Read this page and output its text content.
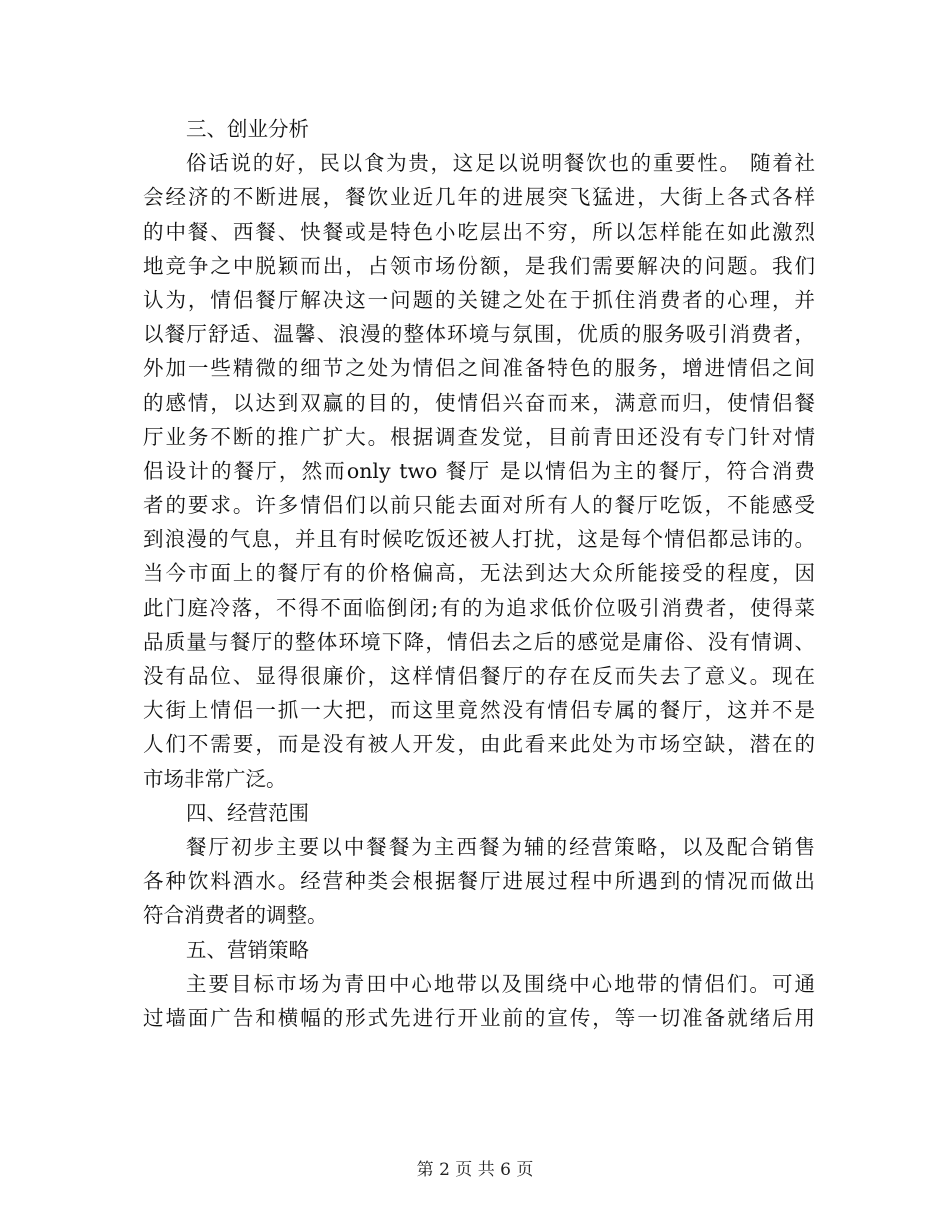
三、创业分析
俗话说的好，民以食为贵，这足以说明餐饮也的重要性。 随着社
会经济的不断进展，餐饮业近几年的进展突飞猛进，大街上各式各样
的中餐、西餐、快餐或是特色小吃层出不穷，所以怎样能在如此激烈
地竞争之中脱颖而出，占领市场份额，是我们需要解决的问题。我们
认为，情侣餐厅解决这一问题的关键之处在于抓住消费者的心理，并
以餐厅舒适、温馨、浪漫的整体环境与氛围，优质的服务吸引消费者，
外加一些精微的细节之处为情侣之间准备特色的服务，增进情侣之间
的感情，以达到双赢的目的，使情侣兴奋而来，满意而归，使情侣餐
厅业务不断的推广扩大。根据调查发觉，目前青田还没有专门针对情
侣设计的餐厅，然而only two 餐厅 是以情侣为主的餐厅，符合消费
者的要求。许多情侣们以前只能去面对所有人的餐厅吃饭，不能感受
到浪漫的气息，并且有时候吃饭还被人打扰，这是每个情侣都忌讳的。
当今市面上的餐厅有的价格偏高，无法到达大众所能接受的程度，因
此门庭冷落，不得不面临倒闭;有的为追求低价位吸引消费者，使得菜
品质量与餐厅的整体环境下降，情侣去之后的感觉是庸俗、没有情调、
没有品位、显得很廉价，这样情侣餐厅的存在反而失去了意义。现在
大街上情侣一抓一大把，而这里竟然没有情侣专属的餐厅，这并不是
人们不需要，而是没有被人开发，由此看来此处为市场空缺，潜在的
市场非常广泛。
四、经营范围
餐厅初步主要以中餐餐为主西餐为辅的经营策略，以及配合销售
各种饮料酒水。经营种类会根据餐厅进展过程中所遇到的情况而做出
符合消费者的调整。
五、营销策略
主要目标市场为青田中心地带以及围绕中心地带的情侣们。可通
过墙面广告和横幅的形式先进行开业前的宣传，等一切准备就绪后用
第 2 页 共 6 页
